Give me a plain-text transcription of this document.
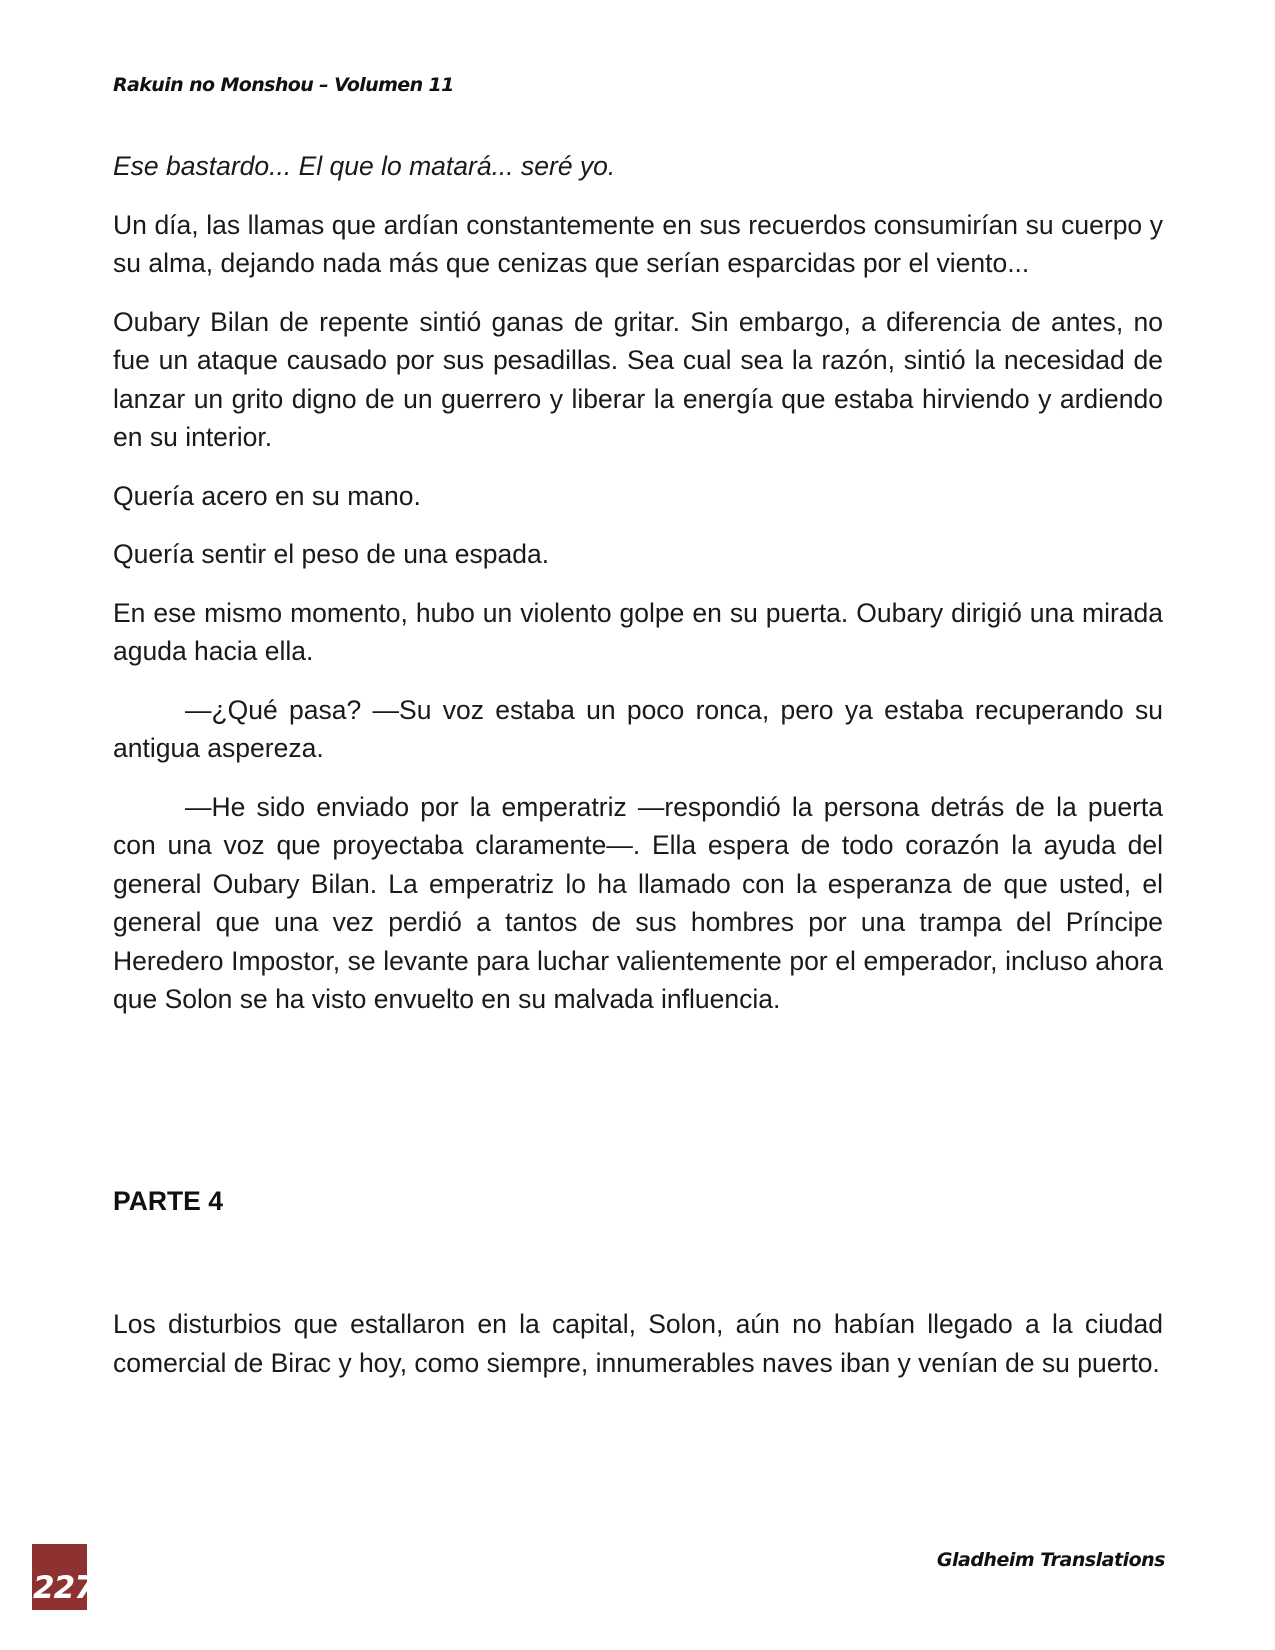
Rakuin no Monshou – Volumen 11

Ese bastardo... El que lo matará... seré yo.

Un día, las llamas que ardían constantemente en sus recuerdos consumirían su cuerpo y su alma, dejando nada más que cenizas que serían esparcidas por el viento...

Oubary Bilan de repente sintió ganas de gritar. Sin embargo, a diferencia de antes, no fue un ataque causado por sus pesadillas. Sea cual sea la razón, sintió la necesidad de lanzar un grito digno de un guerrero y liberar la energía que estaba hirviendo y ardiendo en su interior.

Quería acero en su mano.

Quería sentir el peso de una espada.

En ese mismo momento, hubo un violento golpe en su puerta. Oubary dirigió una mirada aguda hacia ella.

—¿Qué pasa? —Su voz estaba un poco ronca, pero ya estaba recuperando su antigua aspereza.

—He sido enviado por la emperatriz —respondió la persona detrás de la puerta con una voz que proyectaba claramente—. Ella espera de todo corazón la ayuda del general Oubary Bilan. La emperatriz lo ha llamado con la esperanza de que usted, el general que una vez perdió a tantos de sus hombres por una trampa del Príncipe Heredero Impostor, se levante para luchar valientemente por el emperador, incluso ahora que Solon se ha visto envuelto en su malvada influencia.

PARTE 4

Los disturbios que estallaron en la capital, Solon, aún no habían llegado a la ciudad comercial de Birac y hoy, como siempre, innumerables naves iban y venían de su puerto.

227
Gladheim Translations
